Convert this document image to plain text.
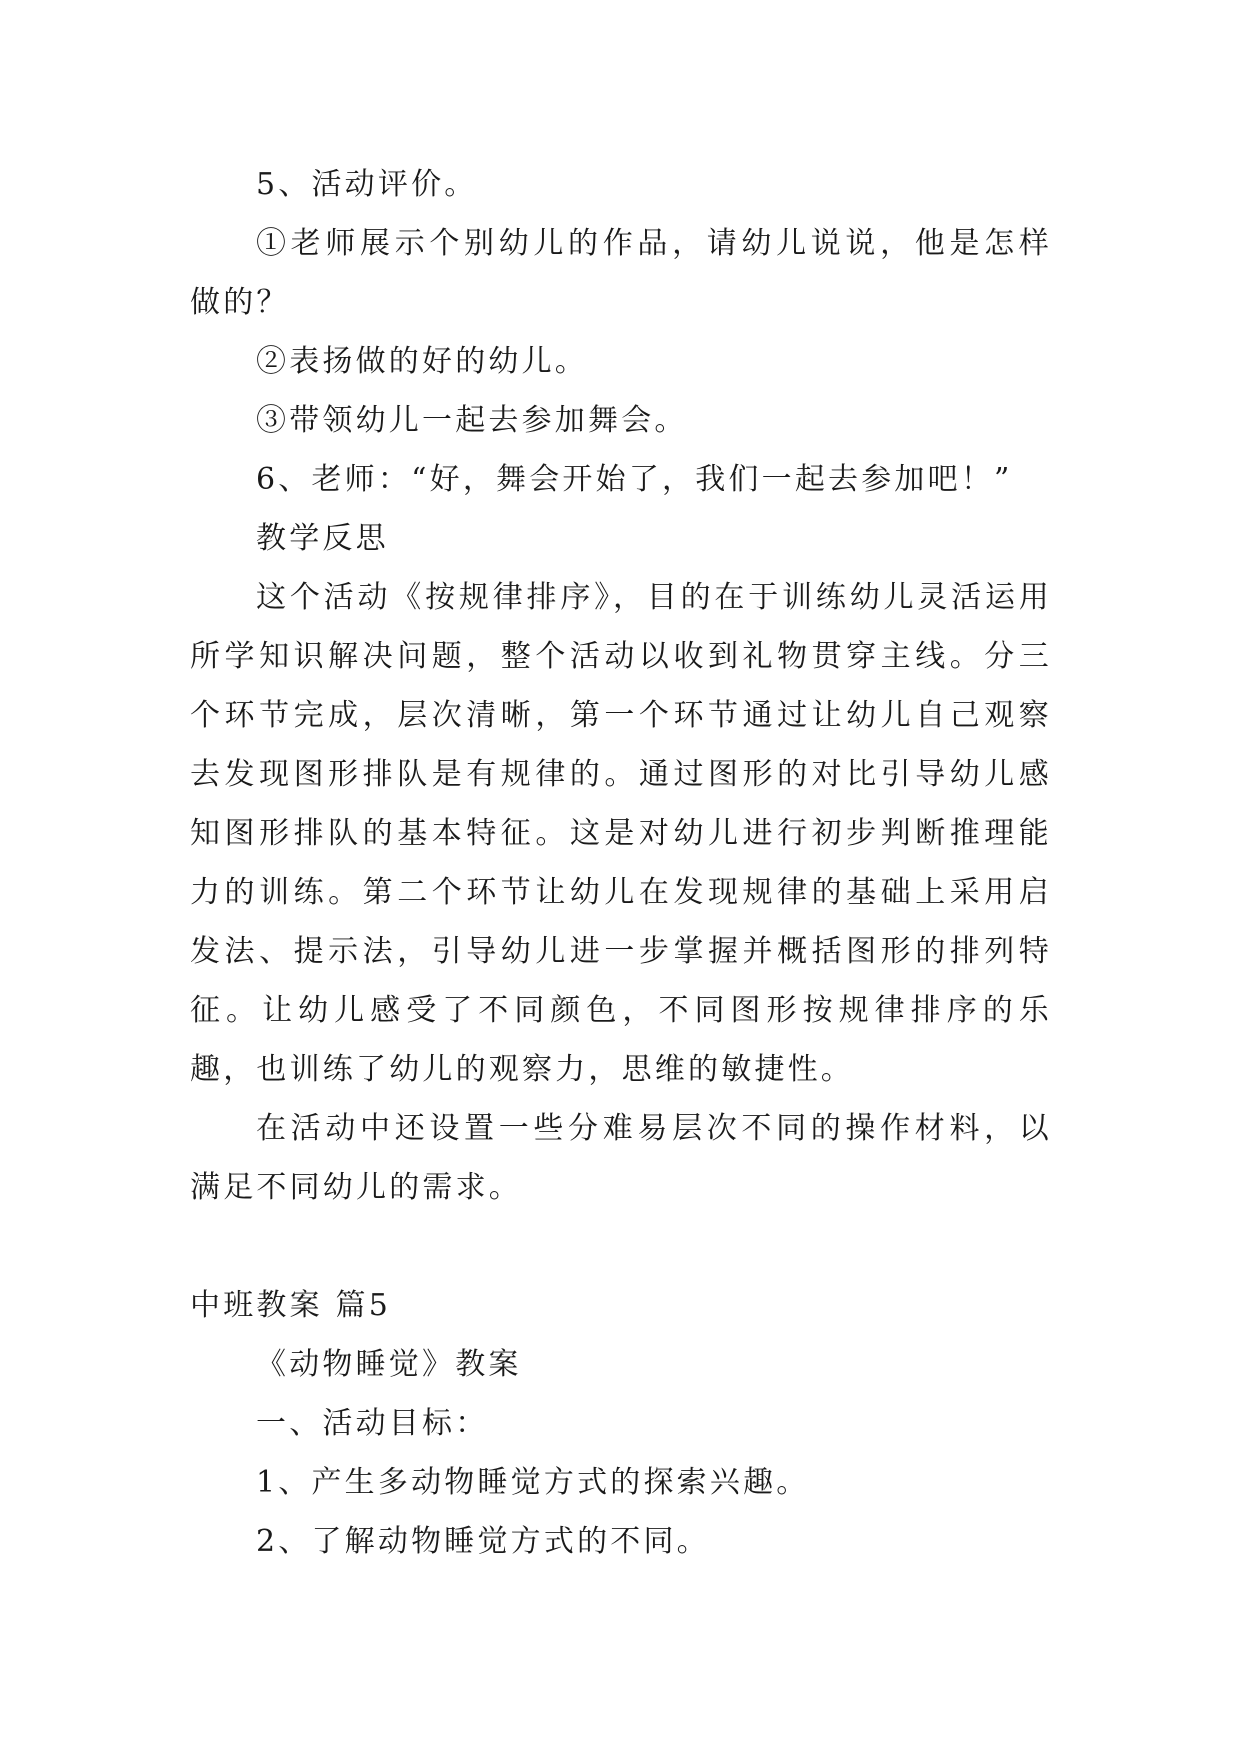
5、活动评价。

①老师展示个别幼儿的作品，请幼儿说说，他是怎样做的？

②表扬做的好的幼儿。

③带领幼儿一起去参加舞会。

6、老师：“好，舞会开始了，我们一起去参加吧！”

教学反思

这个活动《按规律排序》，目的在于训练幼儿灵活运用所学知识解决问题，整个活动以收到礼物贯穿主线。分三个环节完成，层次清晰，第一个环节通过让幼儿自己观察去发现图形排队是有规律的。通过图形的对比引导幼儿感知图形排队的基本特征。这是对幼儿进行初步判断推理能力的训练。第二个环节让幼儿在发现规律的基础上采用启发法、提示法，引导幼儿进一步掌握并概括图形的排列特征。让幼儿感受了不同颜色，不同图形按规律排序的乐趣，也训练了幼儿的观察力，思维的敏捷性。

在活动中还设置一些分难易层次不同的操作材料，以满足不同幼儿的需求。

中班教案 篇5

《动物睡觉》教案

一、活动目标：

1、产生多动物睡觉方式的探索兴趣。

2、了解动物睡觉方式的不同。
